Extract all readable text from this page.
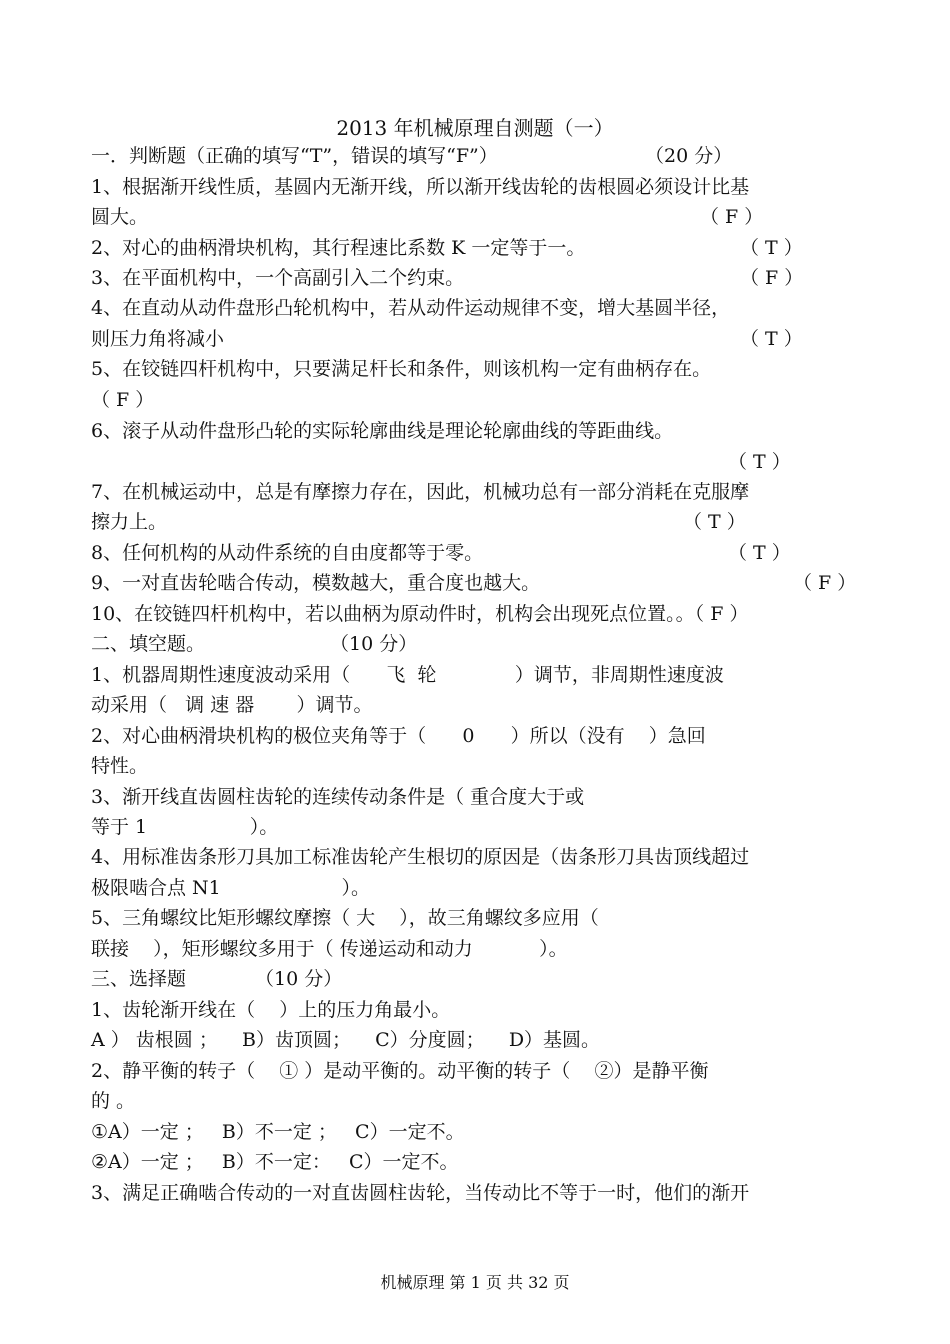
2013 年机械原理自测题（一）
一．判断题（正确的填写“T”，错误的填写“F”）	（20 分）
1、根据渐开线性质，基圆内无渐开线，所以渐开线齿轮的齿根圆必须设计比基
圆大。	（ F ）
2、对心的曲柄滑块机构，其行程速比系数 K 一定等于一。	（ T ）
3、在平面机构中，一个高副引入二个约束。	（ F ）
4、在直动从动件盘形凸轮机构中，若从动件运动规律不变，增大基圆半径，
则压力角将减小	（ T ）
5、在铰链四杆机构中，只要满足杆长和条件，则该机构一定有曲柄存在。
（ F ）
6、滚子从动件盘形凸轮的实际轮廓曲线是理论轮廓曲线的等距曲线。
（ T ）
7、在机械运动中，总是有摩擦力存在，因此，机械功总有一部分消耗在克服摩
擦力上。	（ T ）
8、任何机构的从动件系统的自由度都等于零。	（ T ）
9、一对直齿轮啮合传动，模数越大，重合度也越大。	（ F ）
10、在铰链四杆机构中，若以曲柄为原动件时，机构会出现死点位置。。（ F ）
二、填空题。	（10 分）
1、机器周期性速度波动采用（      飞  轮             ）调节，非周期性速度波
动采用（   调 速 器       ）调节。
2、对心曲柄滑块机构的极位夹角等于（      0      ）所以（没有    ）急回
特性。
3、渐开线直齿圆柱齿轮的连续传动条件是（ 重合度大于或
等于 1                 ）。
4、用标准齿条形刀具加工标准齿轮产生根切的原因是（齿条形刀具齿顶线超过
极限啮合点 N1                    ）。
5、三角螺纹比矩形螺纹摩擦（ 大    ），故三角螺纹多应用（
联接    ），矩形螺纹多用于（ 传递运动和动力           ）。
三、选择题	（10 分）
1、齿轮渐开线在（    ）上的压力角最小。
A ） 齿根圆 ；    B）齿顶圆；    C）分度圆；    D）基圆。
2、静平衡的转子（    ① ）是动平衡的。动平衡的转子（    ②）是静平衡
的 。
①A）一定 ；   B）不一定 ；   C）一定不。
②A）一定 ；   B）不一定：   C）一定不。
3、满足正确啮合传动的一对直齿圆柱齿轮，当传动比不等于一时，他们的渐开
机械原理 第 1 页 共 32 页
